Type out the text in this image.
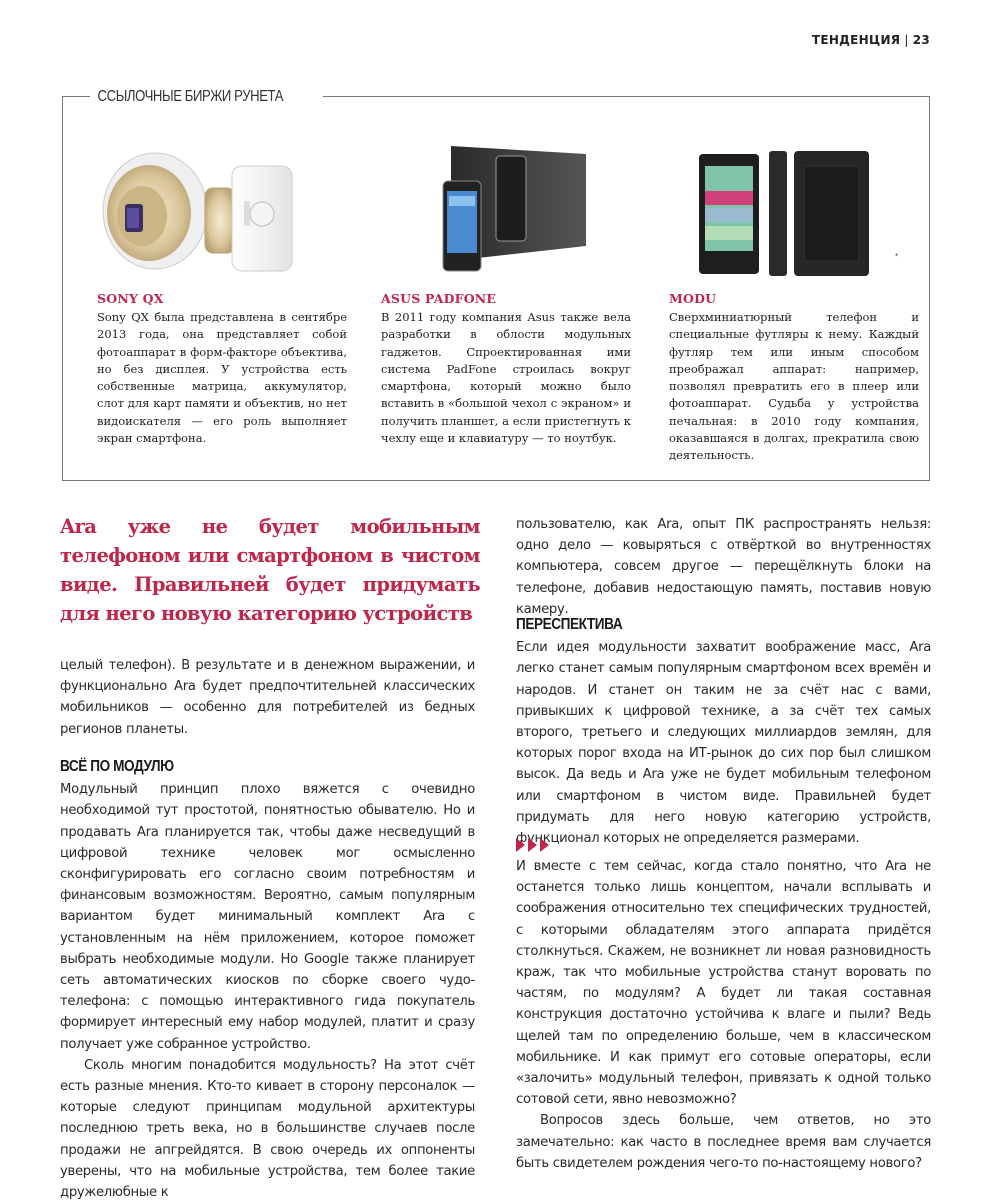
ТЕНДЕНЦИЯ | 23
ССЫЛОЧНЫЕ БИРЖИ РУНЕТА
SONY QX

Sony QX была представлена в сентябре 2013 года, она представляет собой фотоаппарат в форм-факторе объектива, но без дисплея. У устройства есть собственные матрица, аккумулятор, слот для карт памяти и объектив, но нет видоискателя — его роль выполняет экран смартфона.

ASUS PADFONE

В 2011 году компания Asus также вела разработки в облости модульных гаджетов. Спроектированная ими система PadFone строилась вокруг смартфона, который можно было вставить в «большой чехол с экраном» и получить планшет, а если пристегнуть к чехлу еще и клавиатуру — то ноутбук.

*
MODU

Сверхминиатюрный телефон и специальные футляры к нему. Каждый футляр тем или иным способом преображал аппарат: например, позволял превратить его в плеер или фотоаппарат. Судьба у устройства печальная: в 2010 году компания, оказавшаяся в долгах, прекратила свою деятельность.

Ara уже не будет мобильным телефоном или смартфоном в чистом виде. Правильней будет придумать для него новую категорию устройств

целый телефон). В результате и в денежном выражении, и функционально Ara будет предпочтительней классических мобильников — особенно для потребителей из бедных регионов планеты.

ВСЁ ПО МОДУЛЮ

Модульный принцип плохо вяжется с очевидно необходимой тут простотой, понятностью обывателю. Но и продавать Ara планируется так, чтобы даже несведущий в цифровой технике человек мог осмысленно сконфигурировать его согласно своим потребностям и финансовым возможностям. Вероятно, самым популярным вариантом будет минимальный комплект Ara с установленным на нём приложением, которое поможет выбрать необходимые модули. Но Google также планирует сеть автоматических киосков по сборке своего чудо-телефона: с помощью интерактивного гида покупатель формирует интересный ему набор модулей, платит и сразу получает уже собранное устройство.

Сколь многим понадобится модульность? На этот счёт есть разные мнения. Кто-то кивает в сторону персоналок — которые следуют принципам модульной архитектуры последнюю треть века, но в большинстве случаев после продажи не апгрейдятся. В свою очередь их оппоненты уверены, что на мобильные устройства, тем более такие дружелюбные к

пользователю, как Ara, опыт ПК распространять нельзя: одно дело — ковыряться с отвёрткой во внутренностях компьютера, совсем другое — перещёлкнуть блоки на телефоне, добавив недостающую память, поставив новую камеру.

ПЕРЕСПЕКТИВА

Если идея модульности захватит воображение масс, Ara легко станет самым популярным смартфоном всех времён и народов. И станет он таким не за счёт нас с вами, привыкших к цифровой технике, а за счёт тех самых второго, третьего и следующих миллиардов землян, для которых порог входа на ИТ-рынок до сих пор был слишком высок. Да ведь и Ara уже не будет мобильным телефоном или смартфоном в чистом виде. Правильней будет придумать для него новую категорию устройств, функционал которых не определяется размерами.

И вместе с тем сейчас, когда стало понятно, что Ara не останется только лишь концептом, начали всплывать и соображения относительно тех специфических трудностей, с которыми обладателям этого аппарата придётся столкнуться. Скажем, не возникнет ли новая разновидность краж, так что мобильные устройства станут воровать по частям, по модулям? А будет ли такая составная конструкция достаточно устойчива к влаге и пыли? Ведь щелей там по определению больше, чем в классическом мобильнике. И как примут его сотовые операторы, если «залочить» модульный телефон, привязать к одной только сотовой сети, явно невозможно?

Вопросов здесь больше, чем ответов, но это замечательно: как часто в последнее время вам случается быть свидетелем рождения чего-то по-настоящему нового?
